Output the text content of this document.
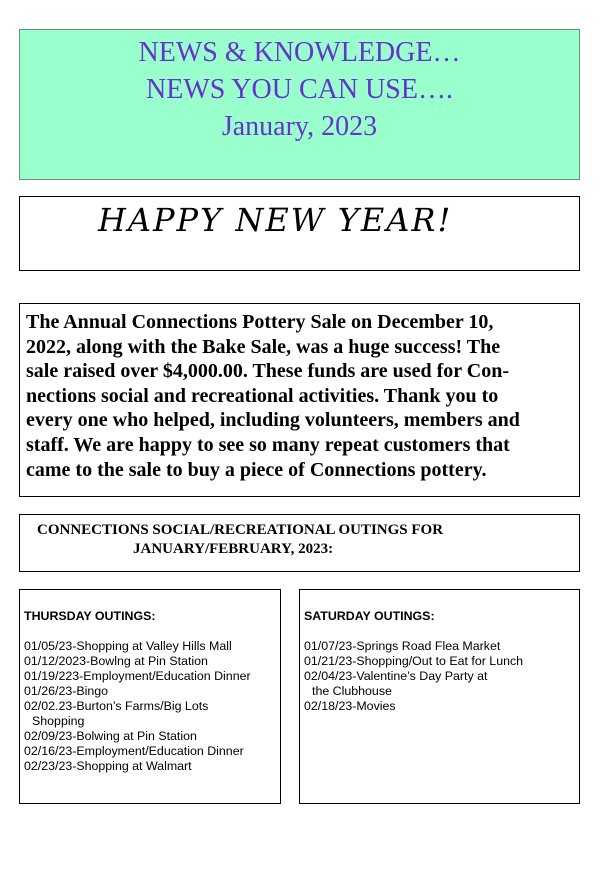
NEWS & KNOWLEDGE…
NEWS YOU CAN USE….
January, 2023
HAPPY NEW YEAR!
The Annual Connections Pottery Sale on December 10,
2022, along with the Bake Sale, was a huge success! The
sale raised over $4,000.00. These funds are used for Con-
nections social and recreational activities. Thank you to
every one who helped, including volunteers, members and
staff. We are happy to see so many repeat customers that
came to the sale to buy a piece of Connections pottery.
CONNECTIONS SOCIAL/RECREATIONAL OUTINGS FOR
JANUARY/FEBRUARY, 2023:
THURSDAY OUTINGS:
01/05/23-Shopping at Valley Hills Mall
01/12/2023-Bowlng at Pin Station
01/19/223-Employment/Education Dinner
01/26/23-Bingo
02/02.23-Burton’s Farms/Big Lots
Shopping
02/09/23-Bolwing at Pin Station
02/16/23-Employment/Education Dinner
02/23/23-Shopping at Walmart
SATURDAY OUTINGS:
01/07/23-Springs Road Flea Market
01/21/23-Shopping/Out to Eat for Lunch
02/04/23-Valentine’s Day Party at
the Clubhouse
02/18/23-Movies
